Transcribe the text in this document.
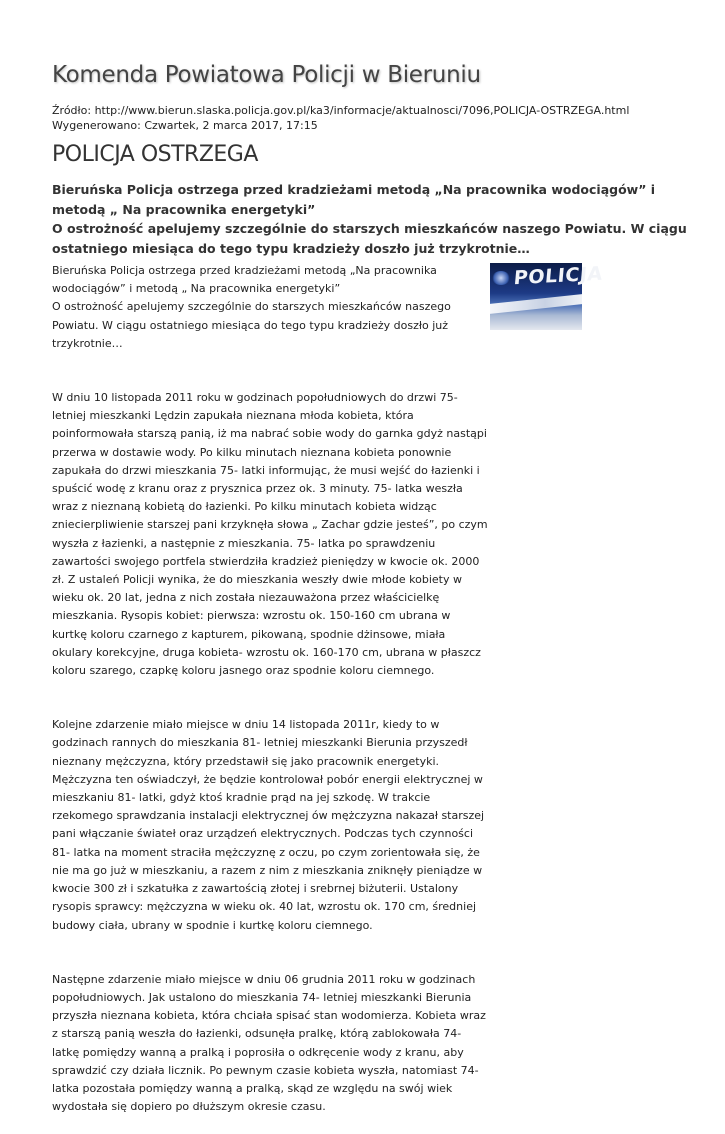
Komenda Powiatowa Policji w Bieruniu
Źródło: http://www.bierun.slaska.policja.gov.pl/ka3/informacje/aktualnosci/7096,POLICJA-OSTRZEGA.html
Wygenerowano: Czwartek, 2 marca 2017, 17:15
POLICJA OSTRZEGA

Bieruńska Policja ostrzega przed kradzieżami metodą „Na pracownika wodociągów” i metodą „ Na pracownika energetyki”

O ostrożność apelujemy szczególnie do starszych mieszkańców naszego Powiatu. W ciągu ostatniego miesiąca do tego typu kradzieży doszło już trzykrotnie…

POLICJA

Bieruńska Policja ostrzega przed kradzieżami metodą „Na pracownika wodociągów” i metodą „ Na pracownika energetyki”

O ostrożność apelujemy szczególnie do starszych mieszkańców naszego Powiatu. W ciągu ostatniego miesiąca do tego typu kradzieży doszło już trzykrotnie…

W dniu 10 listopada 2011 roku w godzinach popołudniowych do drzwi 75- letniej mieszkanki Lędzin zapukała nieznana młoda kobieta, która poinformowała starszą panią, iż ma nabrać sobie wody do garnka gdyż nastąpi przerwa w dostawie wody. Po kilku minutach nieznana kobieta ponownie zapukała do drzwi mieszkania 75- latki informując, że musi wejść do łazienki i spuścić wodę z kranu oraz z prysznica przez ok. 3 minuty. 75- latka weszła wraz z nieznaną kobietą do łazienki. Po kilku minutach kobieta widząc zniecierpliwienie starszej pani krzyknęła słowa „ Zachar gdzie jesteś”, po czym wyszła z łazienki, a następnie z mieszkania. 75- latka po sprawdzeniu zawartości swojego portfela stwierdziła kradzież pieniędzy w kwocie ok. 2000 zł. Z ustaleń Policji wynika, że do mieszkania weszły dwie młode kobiety w wieku ok. 20 lat, jedna z nich została niezauważona przez właścicielkę mieszkania. Rysopis kobiet: pierwsza: wzrostu ok. 150-160 cm ubrana w kurtkę koloru czarnego z kapturem, pikowaną, spodnie dżinsowe, miała okulary korekcyjne, druga kobieta- wzrostu ok. 160-170 cm, ubrana w płaszcz koloru szarego, czapkę koloru jasnego oraz spodnie koloru ciemnego.

Kolejne zdarzenie miało miejsce w dniu 14 listopada 2011r, kiedy to w godzinach rannych do mieszkania 81- letniej mieszkanki Bierunia przyszedł nieznany mężczyzna, który przedstawił się jako pracownik energetyki. Mężczyzna ten oświadczył, że będzie kontrolował pobór energii elektrycznej w mieszkaniu 81- latki, gdyż ktoś kradnie prąd na jej szkodę. W trakcie rzekomego sprawdzania instalacji elektrycznej ów mężczyzna nakazał starszej pani włączanie świateł oraz urządzeń elektrycznych. Podczas tych czynności 81- latka na moment straciła mężczyznę z oczu, po czym zorientowała się, że nie ma go już w mieszkaniu, a razem z nim z mieszkania zniknęły pieniądze w kwocie 300 zł i szkatułka z zawartością złotej i srebrnej biżuterii. Ustalony rysopis sprawcy: mężczyzna w wieku ok. 40 lat, wzrostu ok. 170 cm, średniej budowy ciała, ubrany w spodnie i kurtkę koloru ciemnego.

Następne zdarzenie miało miejsce w dniu 06 grudnia 2011 roku w godzinach popołudniowych. Jak ustalono do mieszkania 74- letniej mieszkanki Bierunia przyszła nieznana kobieta, która chciała spisać stan wodomierza. Kobieta wraz z starszą panią weszła do łazienki, odsunęła pralkę, którą zablokowała 74- latkę pomiędzy wanną a pralką i poprosiła o odkręcenie wody z kranu, aby sprawdzić czy działa licznik. Po pewnym czasie kobieta wyszła, natomiast 74- latka pozostała pomiędzy wanną a pralką, skąd ze względu na swój wiek wydostała się dopiero po dłuższym okresie czasu.
